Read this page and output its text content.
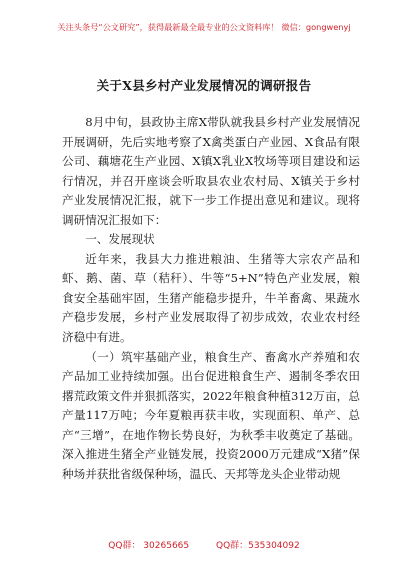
关注头条号“公文研究”，获得最新最全最专业的公文资料库！ 微信：gongwenyj
关于X县乡村产业发展情况的调研报告

8月中旬，县政协主席X带队就我县乡村产业发展情况开展调研，先后实地考察了X禽类蛋白产业园、X食品有限公司、藕塘花生产业园、X镇X乳业X牧场等项目建设和运行情况，并召开座谈会听取县农业农村局、X镇关于乡村产业发展情况汇报，就下一步工作提出意见和建议。现将调研情况汇报如下：

一、发展现状

近年来，我县大力推进粮油、生猪等大宗农产品和虾、鹅、菌、草（秸秆）、牛等“5+N”特色产业发展，粮食安全基础牢固，生猪产能稳步提升，牛羊畜禽、果蔬水产稳步发展，乡村产业发展取得了初步成效，农业农村经济稳中有进。

（一）筑牢基础产业，粮食生产、畜禽水产养殖和农产品加工业持续加强。出台促进粮食生产、遏制冬季农田撂荒政策文件并狠抓落实，2022年粮食种植312万亩，总产量117万吨；今年夏粮再获丰收，实现面积、单产、总产“三增”，在地作物长势良好，为秋季丰收奠定了基础。深入推进生猪全产业链发展，投资2000万元建成“X猪”保种场并获批省级保种场，温氏、天邦等龙头企业带动规

QQ群： 30265665	QQ群：535304092
